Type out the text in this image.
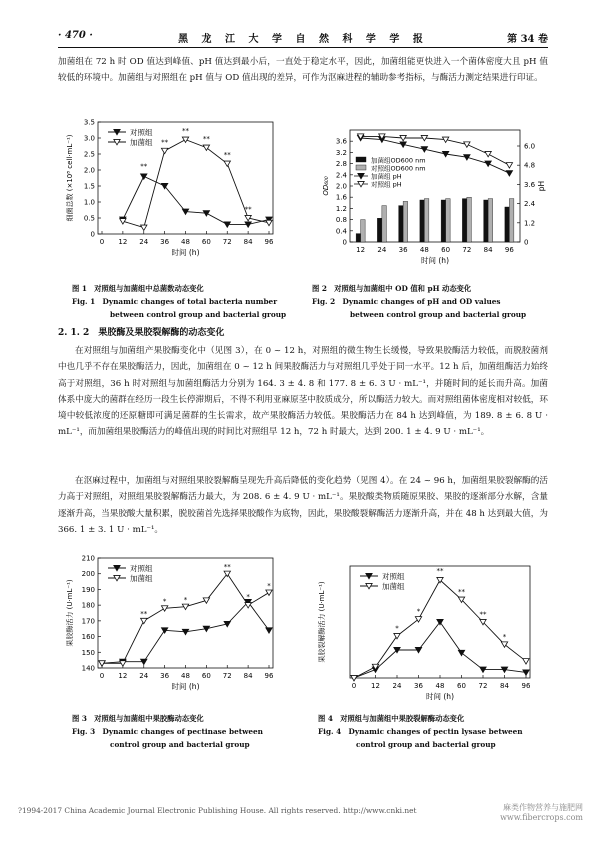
· 470 ·	黑 龙 江 大 学 自 然 科 学 学 报	第 34 卷

加菌组在 72 h 时 OD 值达到峰值、pH 值达到最小后，一直处于稳定水平，因此，加菌组能更快进入一个菌体密度大且 pH 值较低的环境中。加菌组与对照组在 pH 值与 OD 值出现的差异，可作为沤麻进程的辅助参考指标，与酶活力测定结果进行印证。

0 12 24 36 48 60 72 84 96
0
0.5
1.0
1.5
2.0
2.5
3.0
3.5
时间 (h)
细菌总数 (×10⁸ cell·mL⁻¹)
对照组
加菌组
**
**
**
**
**
**
图 1　对照组与加菌组中总菌数动态变化
Fig. 1　Dynamic changes of total bacteria number
between control group and bacterial group
0
0.4
0.8
1.2
1.6
2.0
2.4
2.8
3.2
3.6
0
1.2
2.4
3.6
4.8
6.0
12 24 36 48 60 72 84 96
加菌组OD600 nm
对照组OD600 nm
加菌组 pH
对照组 pH
时间 (h)
OD₆₀₀	pH
图 2　对照组与加菌组中 OD 值和 pH 动态变化
Fig. 2　Dynamic changes of pH and OD values
between control group and bacterial group
2. 1. 2　果胶酶及果胶裂解酶的动态变化

在对照组与加菌组产果胶酶变化中（见图 3），在 0 ~ 12 h，对照组的微生物生长缓慢，导致果胶酶活力较低，而脱胶菌剂中也几乎不存在果胶酶活力，因此，加菌组在 0 ~ 12 h 间果胶酶活力与对照组几乎处于同一水平。12 h 后，加菌组酶活力始终高于对照组，36 h 时对照组与加菌组酶活力分别为 164. 3 ± 4. 8 和 177. 8 ± 6. 3 U · mL⁻¹，并随时间的延长而升高。加菌体系中庞大的菌群在经历一段生长停滞期后，不得不利用亚麻原茎中胶质成分，所以酶活力较大。而对照组菌体密度相对较低，环境中较低浓度的还原糖即可满足菌群的生长需求，故产果胶酶活力较低。果胶酶活力在 84 h 达到峰值，为 189. 8 ± 6. 8 U · mL⁻¹，而加菌组果胶酶活力的峰值出现的时间比对照组早 12 h，72 h 时最大，达到 200. 1 ± 4. 9 U · mL⁻¹。

在沤麻过程中，加菌组与对照组果胶裂解酶呈现先升高后降低的变化趋势（见图 4）。在 24 ~ 96 h，加菌组果胶裂解酶的活力高于对照组，对照组果胶裂解酶活力最大，为 208. 6 ± 4. 9 U · mL⁻¹。果胶酸类物质随原果胶、果胶的逐渐部分水解，含量逐渐升高，当果胶酸大量积累，脱胶菌首先选择果胶酸作为底物，因此，果胶酸裂解酶活力逐渐升高，并在 48 h 达到最大值，为 366. 1 ± 3. 1 U · mL⁻¹。

0 12 24 36 48 60 72 84 96
140
150
160
170
180
190
200
210
时间 (h)
果胶酶活力 (U·mL⁻¹)
对照组
加菌组
**
* *
**
*
*
图 3　对照组与加菌组中果胶酶动态变化
Fig. 3　Dynamic changes of pectinase between
control group and bacterial group
0 12 24 36 48 60 72 84 96
时间 (h)
果胶裂解酶活力 (U·mL⁻¹)
对照组
加菌组
*
*
**
**
**
*
图 4　对照组与加菌组中果胶裂解酶动态变化
Fig. 4　Dynamic changes of pectin lysase between
control group and bacterial group
?1994-2017 China Academic Journal Electronic Publishing House. All rights reserved. http://www.cnki.net	麻类作物营养与施肥网
www.fibercrops.com
